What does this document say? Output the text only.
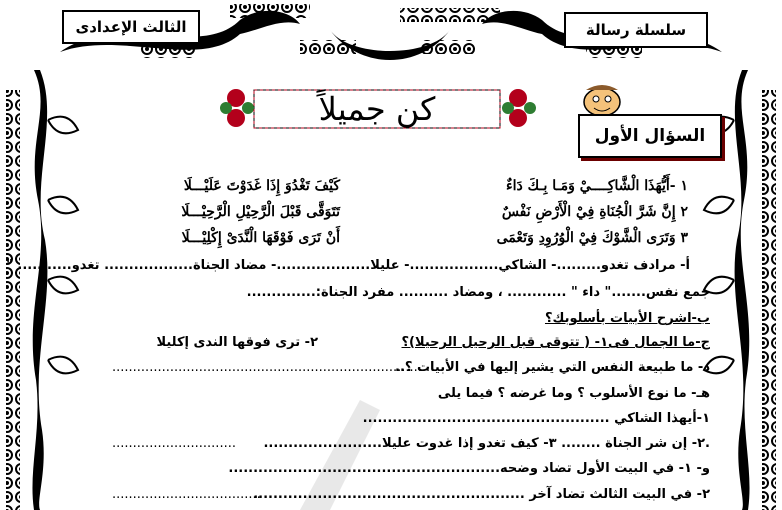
سلسلة رسالة
الثالث الإعدادى
كن جميلاً
السؤال الأول
١ -أَيُّهَذَا الْشَّاكِــــيْ وَمَـا بِـكَ دَاءٌ
كَيْفَ تَغْدُوَ إِذَا غَدَوْتَ عَلَيْـــلَا
٢ إِنَّ شَرَّ الْجُنَاةِ فِيْ الْأَرْضِ نَفْسٌ
تَتَوَقَّى قَبْلَ الْرَّحِيْلِ الْرَّحِيْـــلَا
٣ وَتَرَى الْشَّوْكَ فِيْ الْوُرُوِدِ وَتَعْمَى
أَنْ تَرَى فَوْقَهَا الْنَّدَىْ إِكْلِيْـــلَا
أ- مرادف تغدو.........- الشاكي..................- عليلا...................- مضاد الجناة.................. تغدو........... "
جمع نفس......." داء " ............ ، ومضاد .......... مفرد الجناة:..............
ب-اشرح الأبيات بأسلوبك؟
ج-ما الجمال فى١- ( تتوقى قبل الرحيل الرحيلا)؟
٢- ترى فوقها الندى إكليلا
د- ما طبيعة النفس التي يشير إليها في الأبيات ؟..
.............................................................................
هـ- ما نوع الأسلوب ؟ وما غرضه ؟ فيما يلى
١-أيهذا الشاكي ..................................................
.٢- إن شر الجناة ........ ٣- كيف تغدو إذا غدوت عليلا........................
..............................
و- ١- في البيت الأول تضاد وضحه.......................................................
٢- في البيت الثالث تضاد آخر .......................................................
....................................
